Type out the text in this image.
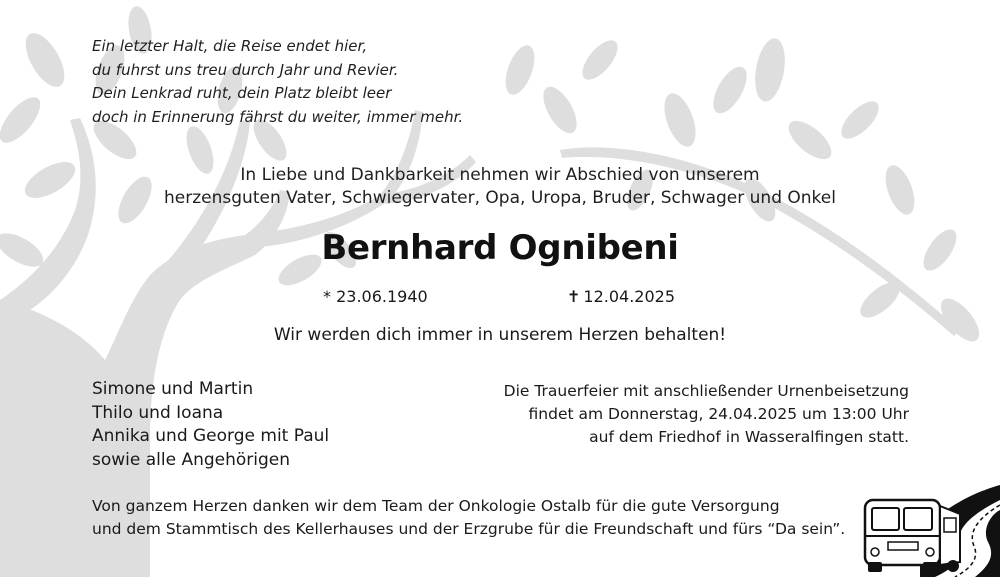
Ein letzter Halt, die Reise endet hier,
du fuhrst uns treu durch Jahr und Revier.
Dein Lenkrad ruht, dein Platz bleibt leer
doch in Erinnerung fährst du weiter, immer mehr.
In Liebe und Dankbarkeit nehmen wir Abschied von unserem
herzensguten Vater, Schwiegervater, Opa, Uropa, Bruder, Schwager und Onkel
Bernhard Ognibeni
* 23.06.1940	✝ 12.04.2025
Wir werden dich immer in unserem Herzen behalten!
Simone und Martin
Thilo und Ioana
Annika und George mit Paul
sowie alle Angehörigen
Die Trauerfeier mit anschließender Urnenbeisetzung
findet am Donnerstag, 24.04.2025 um 13:00 Uhr
auf dem Friedhof in Wasseralfingen statt.
Von ganzem Herzen danken wir dem Team der Onkologie Ostalb für die gute Versorgung
und dem Stammtisch des Kellerhauses und der Erzgrube für die Freundschaft und fürs “Da sein”.
